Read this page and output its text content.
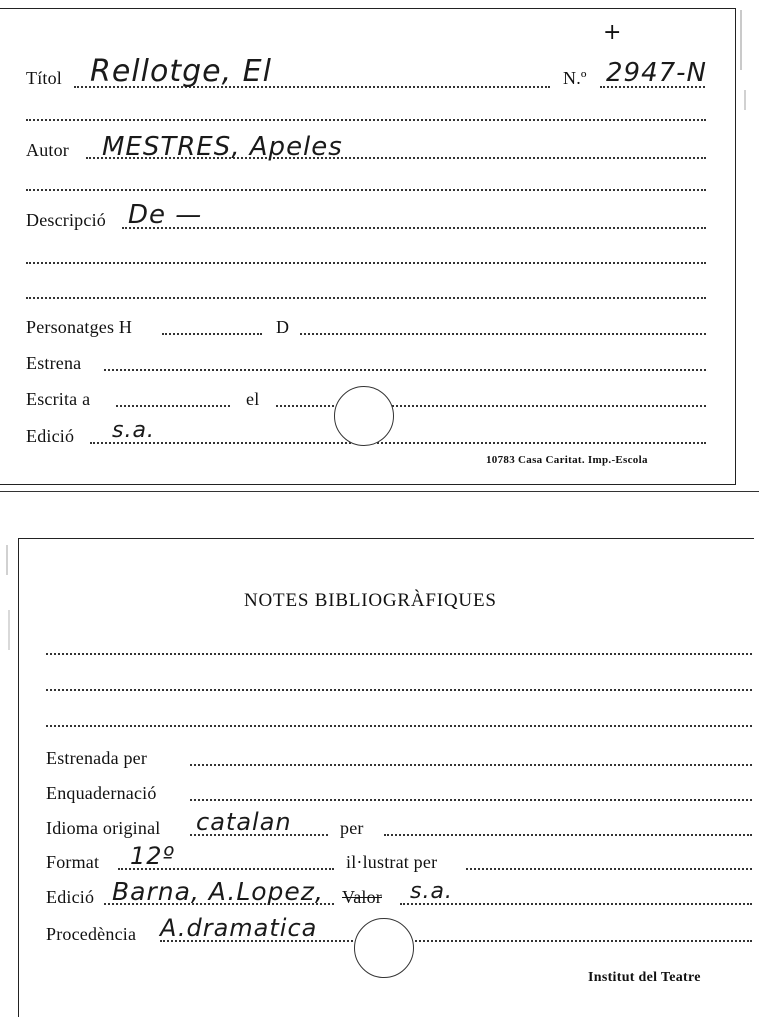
+
Títol Rellotge, El	N.º 2947-N
Autor MESTRES, Apeles
Descripció De —
Personatges H	D
Estrena
Escrita a	el
Edició s.a.
10783 Casa Caritat. Imp.-Escola
NOTES BIBLIOGRÀFIQUES
Estrenada per
Enquadernació
Idioma original catalan	per
Format 12º	il·lustrat per
Edició Barna, A.Lopez, Valor s.a.
Procedència A.dramatica
Institut del Teatre
